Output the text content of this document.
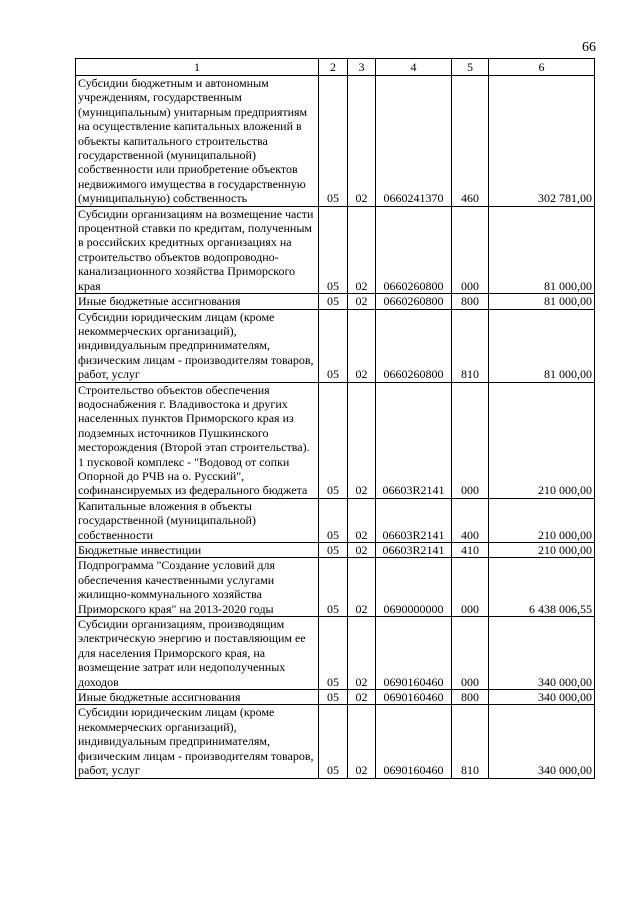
66
1	2	3	4	5	6
Субсидии бюджетным и автономным учреждениям, государственным (муниципальным) унитарным предприятиям на осуществление капитальных вложений в объекты капитального строительства государственной (муниципальной) собственности или приобретение объектов недвижимого имущества в государственную (муниципальную) собственность	05	02	0660241370	460	302 781,00
Субсидии организациям на возмещение части процентной ставки по кредитам, полученным в российских кредитных организациях на строительство объектов водопроводно-канализационного хозяйства Приморского края	05	02	0660260800	000	81 000,00
Иные бюджетные ассигнования	05	02	0660260800	800	81 000,00
Субсидии юридическим лицам (кроме некоммерческих организаций), индивидуальным предпринимателям, физическим лицам - производителям товаров, работ, услуг	05	02	0660260800	810	81 000,00
Строительство объектов обеспечения водоснабжения г. Владивостока и других населенных пунктов Приморского края из подземных источников Пушкинского месторождения (Второй этап строительства). 1 пусковой комплекс - "Водовод от сопки Опорной до РЧВ на о. Русский", софинансируемых из федерального бюджета	05	02	06603R2141	000	210 000,00
Капитальные вложения в объекты государственной (муниципальной) собственности	05	02	06603R2141	400	210 000,00
Бюджетные инвестиции	05	02	06603R2141	410	210 000,00
Подпрограмма "Создание условий для обеспечения качественными услугами жилищно-коммунального хозяйства Приморского края" на 2013-2020 годы	05	02	0690000000	000	6 438 006,55
Субсидии организациям, производящим электрическую энергию и поставляющим ее для населения Приморского края, на возмещение затрат или недополученных доходов	05	02	0690160460	000	340 000,00
Иные бюджетные ассигнования	05	02	0690160460	800	340 000,00
Субсидии юридическим лицам (кроме некоммерческих организаций), индивидуальным предпринимателям, физическим лицам - производителям товаров, работ, услуг	05	02	0690160460	810	340 000,00
